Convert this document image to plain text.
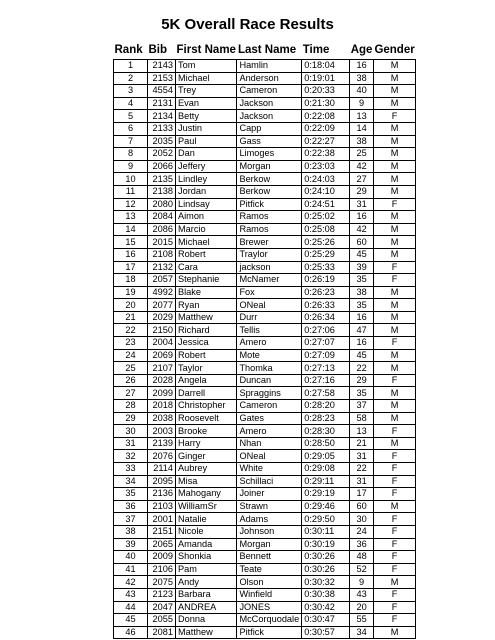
5K Overall Race Results
Rank	Bib	First Name	Last Name	Time	Age	Gender
1	2143	Tom	Hamlin	0:18:04	16	M
2	2153	Michael	Anderson	0:19:01	38	M
3	4554	Trey	Cameron	0:20:33	40	M
4	2131	Evan	Jackson	0:21:30	9	M
5	2134	Betty	Jackson	0:22:08	13	F
6	2133	Justin	Capp	0:22:09	14	M
7	2035	Paul	Gass	0:22:27	38	M
8	2052	Dan	Limoges	0:22:38	25	M
9	2066	Jeffery	Morgan	0:23:03	42	M
10	2135	Lindley	Berkow	0:24:03	27	M
11	2138	Jordan	Berkow	0:24:10	29	M
12	2080	Lindsay	Pitfick	0:24:51	31	F
13	2084	Aimon	Ramos	0:25:02	16	M
14	2086	Marcio	Ramos	0:25:08	42	M
15	2015	Michael	Brewer	0:25:26	60	M
16	2108	Robert	Traylor	0:25:29	45	M
17	2132	Cara	jackson	0:25:33	39	F
18	2057	Stephanie	McNamer	0:26:19	35	F
19	4992	Blake	Fox	0:26:23	38	M
20	2077	Ryan	ONeal	0:26:33	35	M
21	2029	Matthew	Durr	0:26:34	16	M
22	2150	Richard	Tellis	0:27:06	47	M
23	2004	Jessica	Amero	0:27:07	16	F
24	2069	Robert	Mote	0:27:09	45	M
25	2107	Taylor	Thomka	0:27:13	22	M
26	2028	Angela	Duncan	0:27:16	29	F
27	2099	Darrell	Spraggins	0:27:58	35	M
28	2018	Christopher	Cameron	0:28:20	37	M
29	2038	Roosevelt	Gates	0:28:23	58	M
30	2003	Brooke	Amero	0:28:30	13	F
31	2139	Harry	Nhan	0:28:50	21	M
32	2076	Ginger	ONeal	0:29:05	31	F
33	2114	Aubrey	White	0:29:08	22	F
34	2095	Misa	Schillaci	0:29:11	31	F
35	2136	Mahogany	Joiner	0:29:19	17	F
36	2103	WilliamSr	Strawn	0:29:46	60	M
37	2001	Natalie	Adams	0:29:50	30	F
38	2151	Nicole	Johnson	0:30:11	24	F
39	2065	Amanda	Morgan	0:30:19	36	F
40	2009	Shonkia	Bennett	0:30:26	48	F
41	2106	Pam	Teate	0:30:26	52	F
42	2075	Andy	Olson	0:30:32	9	M
43	2123	Barbara	Winfield	0:30:38	43	F
44	2047	ANDREA	JONES	0:30:42	20	F
45	2055	Donna	McCorquodale	0:30:47	55	F
46	2081	Matthew	Pitfick	0:30:57	34	M
